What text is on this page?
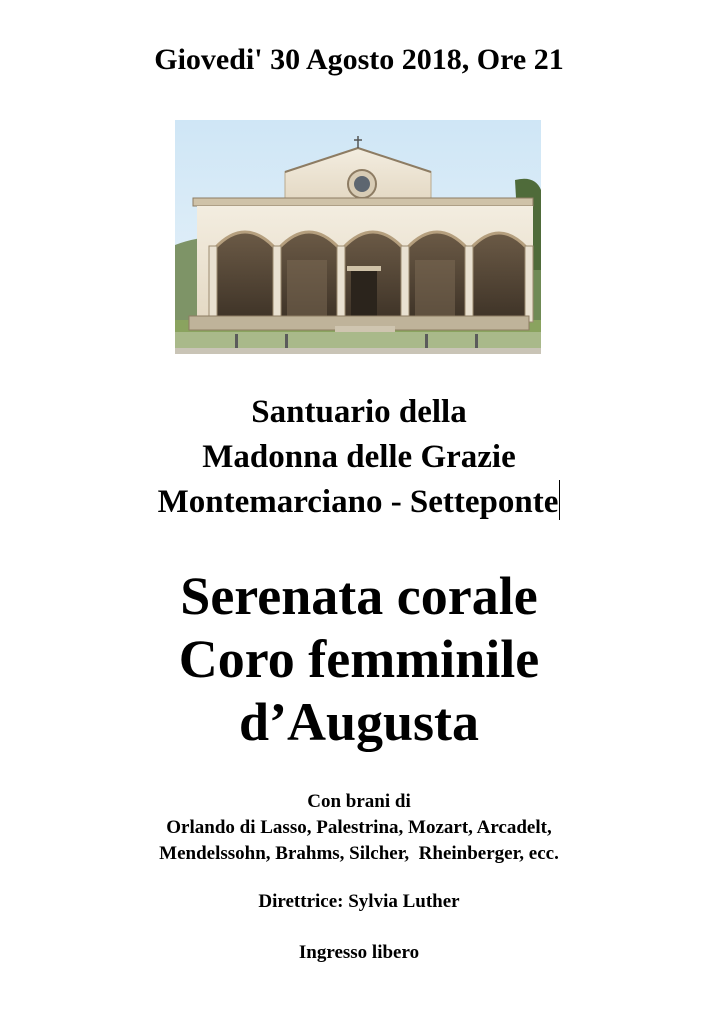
Giovedi' 30 Agosto 2018, Ore 21
Santuario della
Madonna delle Grazie
Montemarciano - Setteponte
Serenata corale
Coro femminile
d’Augusta
Con brani di
Orlando di Lasso, Palestrina, Mozart, Arcadelt,
Mendelssohn, Brahms, Silcher,  Rheinberger, ecc.
Direttrice: Sylvia Luther
Ingresso libero
